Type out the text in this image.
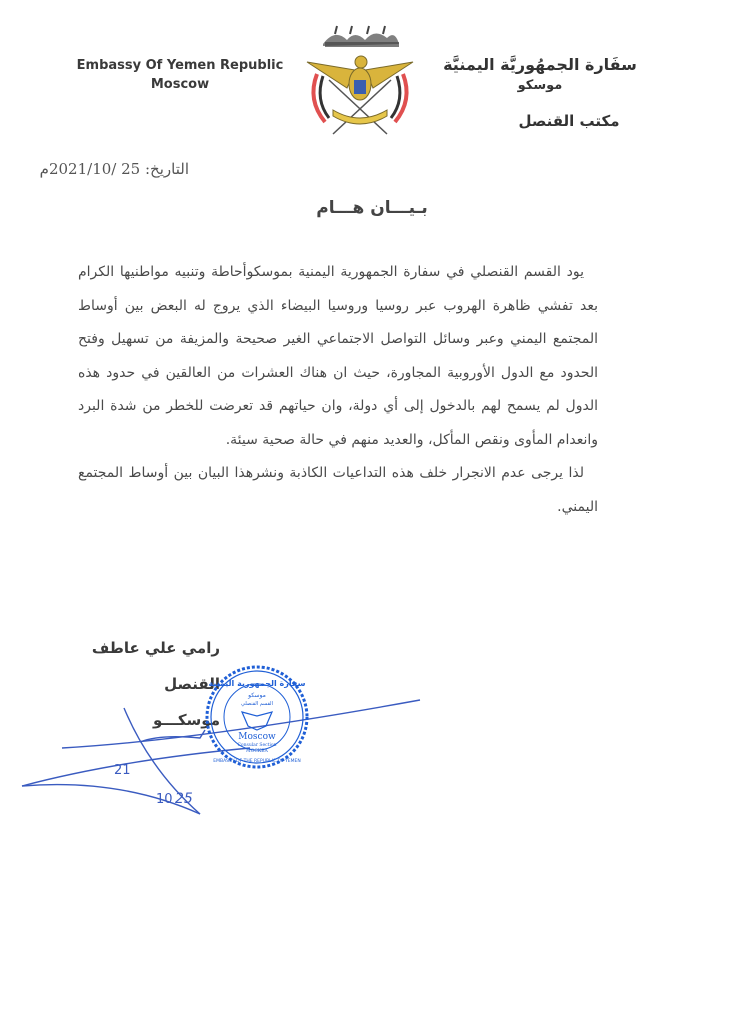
Embassy Of Yemen Republic
Moscow
سفَارة الجمهُوريَّة اليمنيَّة
موسكو
مكتب القنصل
التاريخ: 25 /2021/10م
بـيـــان هـــام

يود القسم القنصلي في سفارة الجمهورية اليمنية بموسكوأحاطة وتنبيه مواطنيها الكرام بعد تفشي ظاهرة الهروب عبر روسيا وروسيا البيضاء الذي يروج له البعض بين أوساط المجتمع اليمني وعبر وسائل التواصل الاجتماعي الغير صحيحة والمزيفة من تسهيل وفتح الحدود مع الدول الأوروبية المجاورة، حيث ان هناك العشرات من العالقين في حدود هذه الدول لم يسمح لهم بالدخول إلى أي دولة، وان حياتهم قد تعرضت للخطر من شدة البرد وانعدام المأوى ونقص المأكل، والعديد منهم في حالة صحية سيئة.

لذا يرجى عدم الانجرار خلف هذه التداعيات الكاذبة ونشرهذا البيان بين أوساط المجتمع اليمني.

رامي علي عاطف
القنصل
موسكـــو
21
10 25
سفارة الجمهورية اليمنية
موسكو
القسم القنصلي
Moscow
Consular Section
МОСКВА
EMBASSY OF THE REPUBLIC OF YEMEN
